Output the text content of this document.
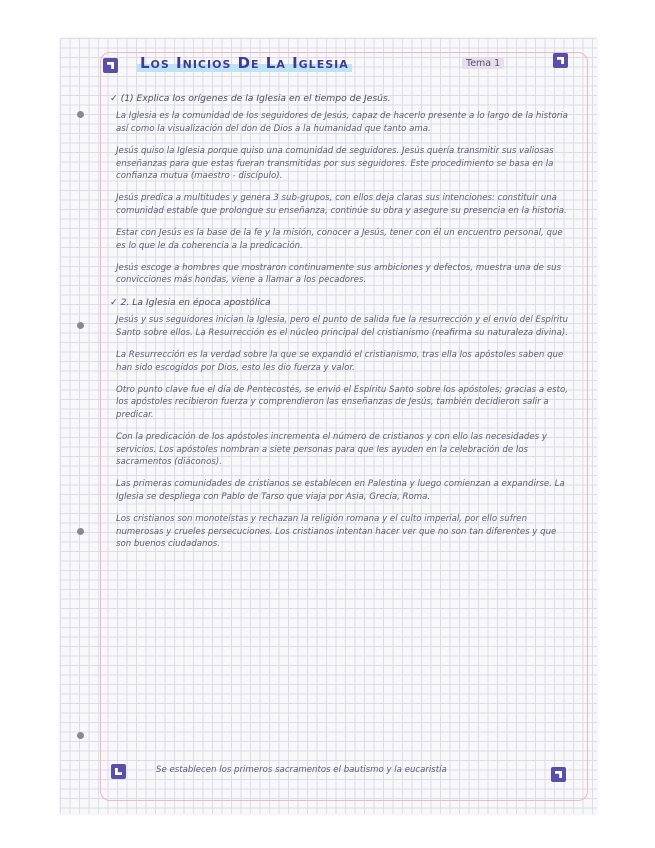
Los Inicios De La Iglesia	Tema 1
✓ (1) Explica los orígenes de la Iglesia en el tiempo de Jesús.
La Iglesia es la comunidad de los seguidores de Jesús, capaz de hacerlo presente a lo largo de la historia así como la visualización del don de Dios a la humanidad que tanto ama.
Jesús quiso la Iglesia porque quiso una comunidad de seguidores. Jesús quería transmitir sus valiosas enseñanzas para que estas fueran transmitidas por sus seguidores. Este procedimiento se basa en la confianza mutua (maestro - discípulo).
Jesús predica a multitudes y genera 3 sub-grupos, con ellos deja claras sus intenciones: constituir una comunidad estable que prolongue su enseñanza, continúe su obra y asegure su presencia en la historia.
Estar con Jesús es la base de la fe y la misión, conocer a Jesús, tener con él un encuentro personal, que es lo que le da coherencia a la predicación.
Jesús escoge a hombres que mostraron continuamente sus ambiciones y defectos, muestra una de sus convicciones más hondas, viene a llamar a los pecadores.
✓ 2. La Iglesia en época apostólica
Jesús y sus seguidores inician la Iglesia, pero el punto de salida fue la resurrección y el envío del Espíritu Santo sobre ellos. La Resurrección es el núcleo principal del cristianismo (reafirma su naturaleza divina).
La Resurrección es la verdad sobre la que se expandió el cristianismo, tras ella los apóstoles saben que han sido escogidos por Dios, esto les dio fuerza y valor.
Otro punto clave fue el día de Pentecostés, se envió el Espíritu Santo sobre los apóstoles; gracias a esto, los apóstoles recibieron fuerza y comprendieron las enseñanzas de Jesús, también decidieron salir a predicar.
Con la predicación de los apóstoles incrementa el número de cristianos y con ello las necesidades y servicios. Los apóstoles nombran a siete personas para que les ayuden en la celebración de los sacramentos (diáconos).
Las primeras comunidades de cristianos se establecen en Palestina y luego comienzan a expandirse. La Iglesia se despliega con Pablo de Tarso que viaja por Asia, Grecia, Roma.
Los cristianos son monoteístas y rechazan la religión romana y el culto imperial, por ello sufren numerosas y crueles persecuciones. Los cristianos intentan hacer ver que no son tan diferentes y que son buenos ciudadanos.
Se establecen los primeros sacramentos el bautismo y la eucaristía
